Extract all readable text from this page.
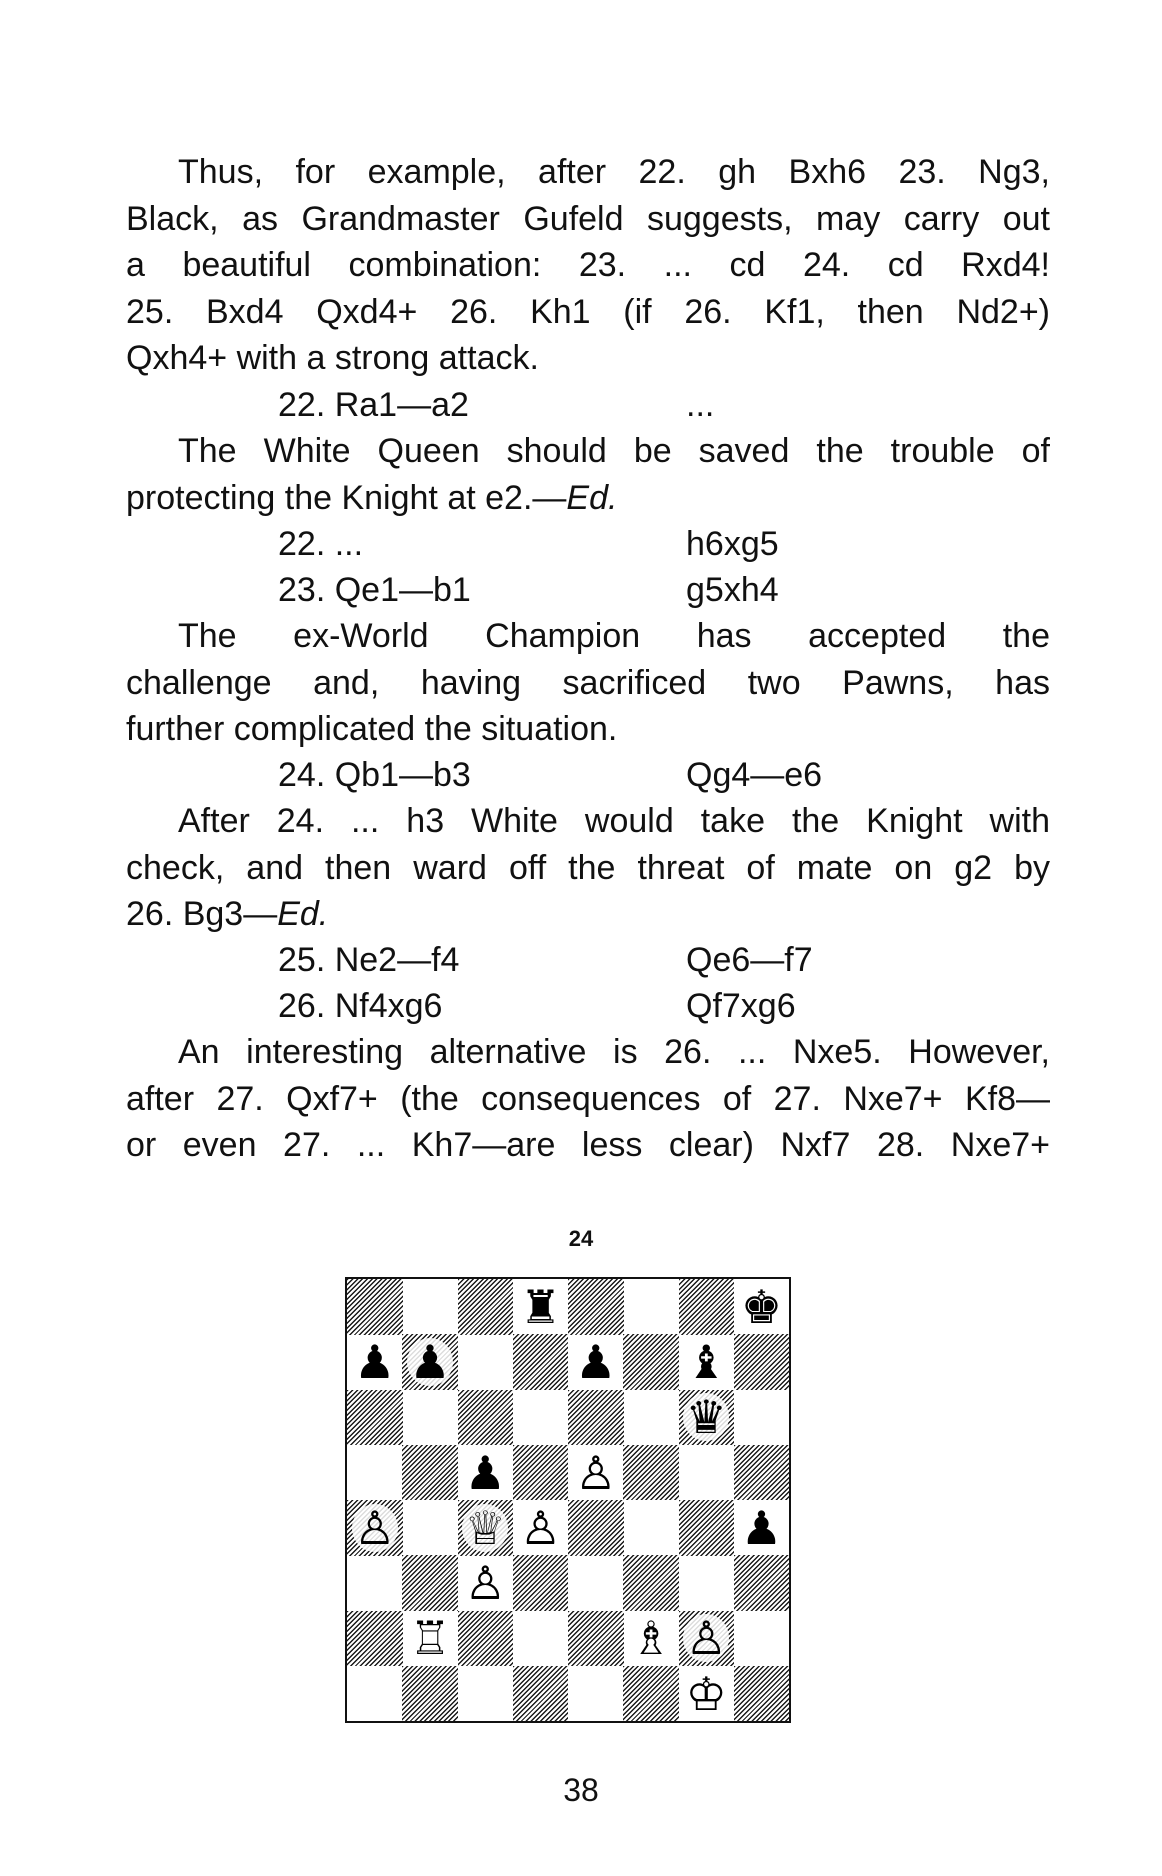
Thus, for example, after 22. gh Bxh6 23. Ng3,
Black, as Grandmaster Gufeld suggests, may carry out
a beautiful combination: 23. ... cd 24. cd Rxd4!
25. Bxd4 Qxd4+ 26. Kh1 (if 26. Kf1, then Nd2+)
Qxh4+ with a strong attack.

22. Ra1—a2	...

The White Queen should be saved the trouble of
protecting the Knight at e2.—Ed.

22. ...	h6xg5
23. Qe1—b1	g5xh4

The ex-World Champion has accepted the
challenge and, having sacrificed two Pawns, has
further complicated the situation.

24. Qb1—b3	Qg4—e6

After 24. ... h3 White would take the Knight with
check, and then ward off the threat of mate on g2 by
26. Bg3—Ed.

25. Ne2—f4	Qe6—f7
26. Nf4xg6	Qf7xg6

An interesting alternative is 26. ... Nxe5. However,
after 27. Qxf7+ (the consequences of 27. Nxe7+ Kf8—
or even 27. ... Kh7—are less clear) Nxf7 28. Nxe7+

24
♜	♚
♟ ♟	♟ ♝
♛
♟ ♙
♙ ♕ ♙	♟
♙
♖	♗ ♙
♔
38
